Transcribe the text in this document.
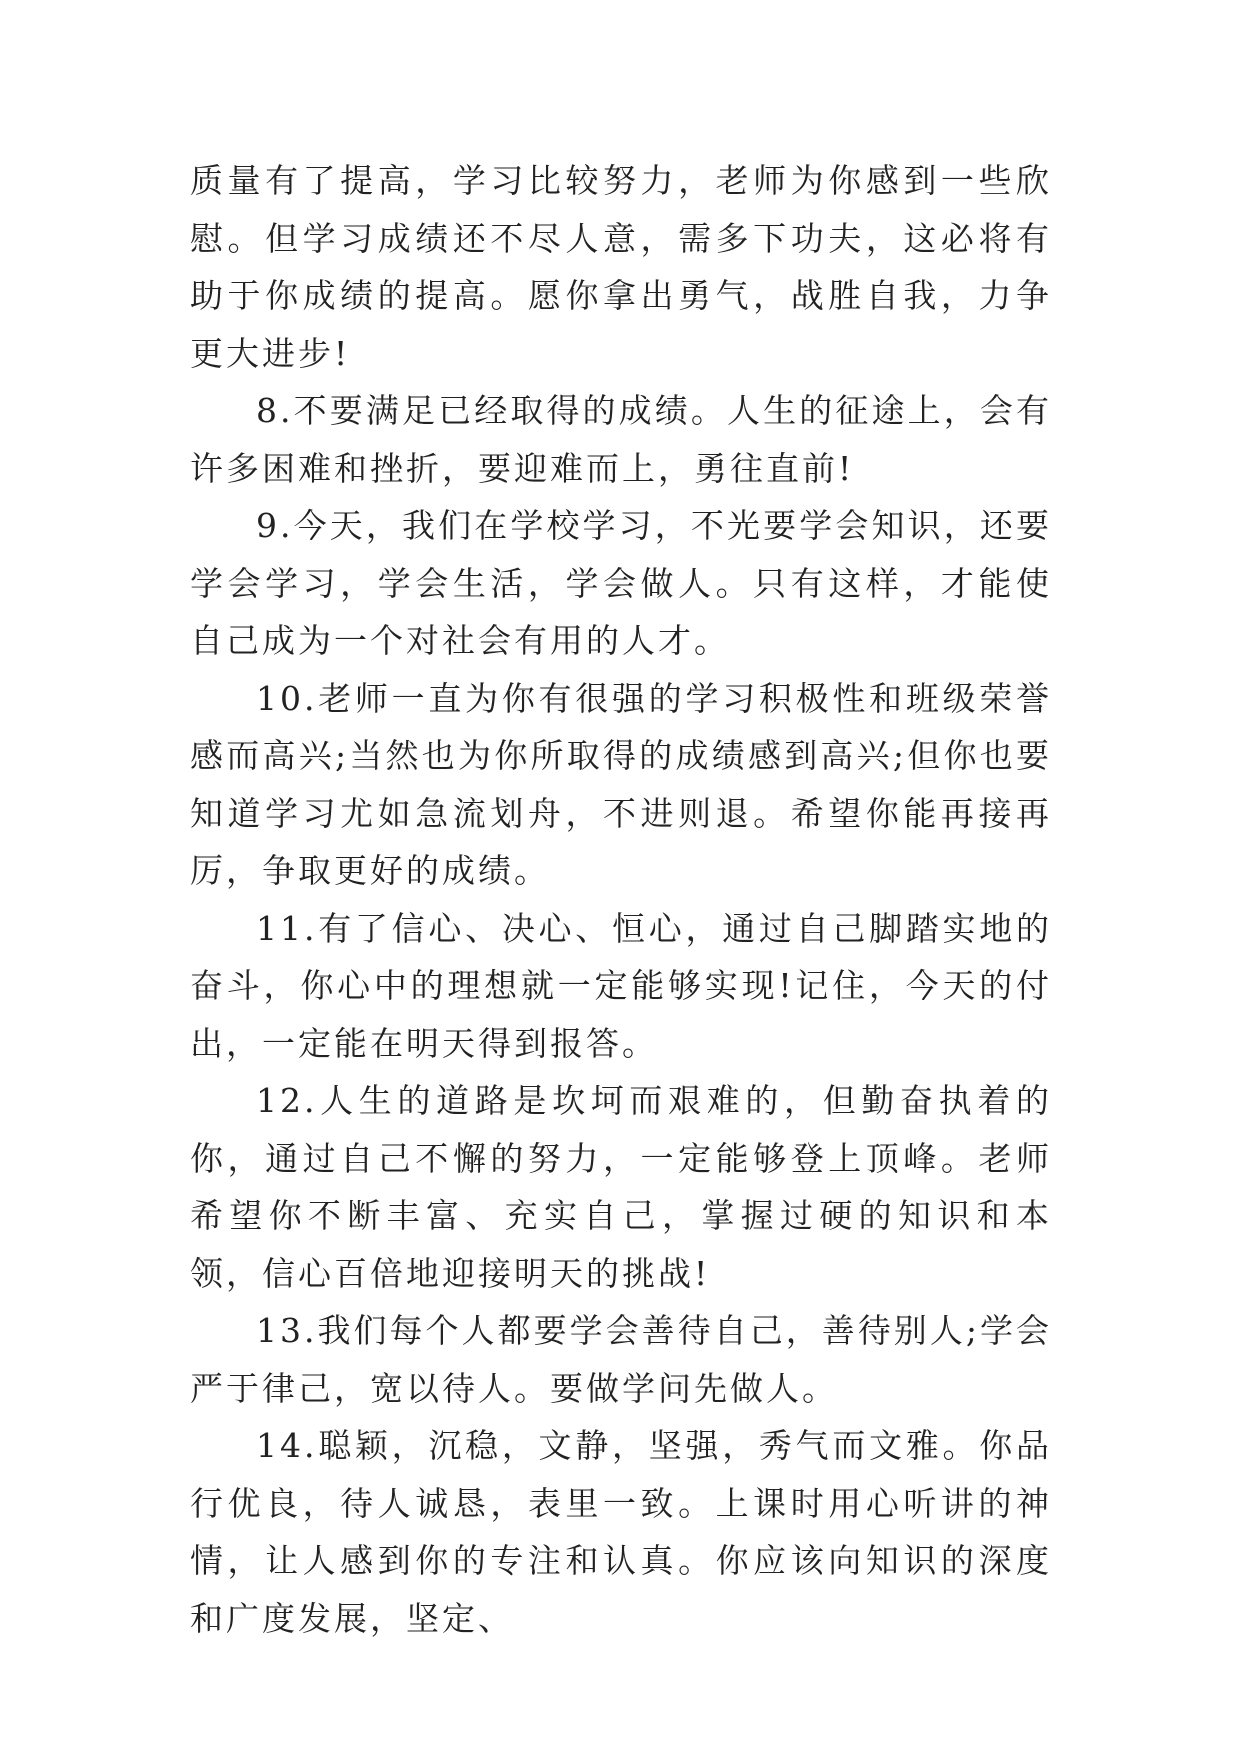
质量有了提高，学习比较努力，老师为你感到一些欣慰。但学习成绩还不尽人意，需多下功夫，这必将有助于你成绩的提高。愿你拿出勇气，战胜自我，力争更大进步!

8.不要满足已经取得的成绩。人生的征途上，会有许多困难和挫折，要迎难而上，勇往直前!

9.今天，我们在学校学习，不光要学会知识，还要学会学习，学会生活，学会做人。只有这样，才能使自己成为一个对社会有用的人才。

10.老师一直为你有很强的学习积极性和班级荣誉感而高兴;当然也为你所取得的成绩感到高兴;但你也要知道学习尤如急流划舟，不进则退。希望你能再接再厉，争取更好的成绩。

11.有了信心、决心、恒心，通过自己脚踏实地的奋斗，你心中的理想就一定能够实现!记住，今天的付出，一定能在明天得到报答。

12.人生的道路是坎坷而艰难的，但勤奋执着的你，通过自己不懈的努力，一定能够登上顶峰。老师希望你不断丰富、充实自己，掌握过硬的知识和本领，信心百倍地迎接明天的挑战!

13.我们每个人都要学会善待自己，善待别人;学会严于律己，宽以待人。要做学问先做人。

14.聪颖，沉稳，文静，坚强，秀气而文雅。你品行优良，待人诚恳，表里一致。上课时用心听讲的神情，让人感到你的专注和认真。你应该向知识的深度和广度发展，坚定、
